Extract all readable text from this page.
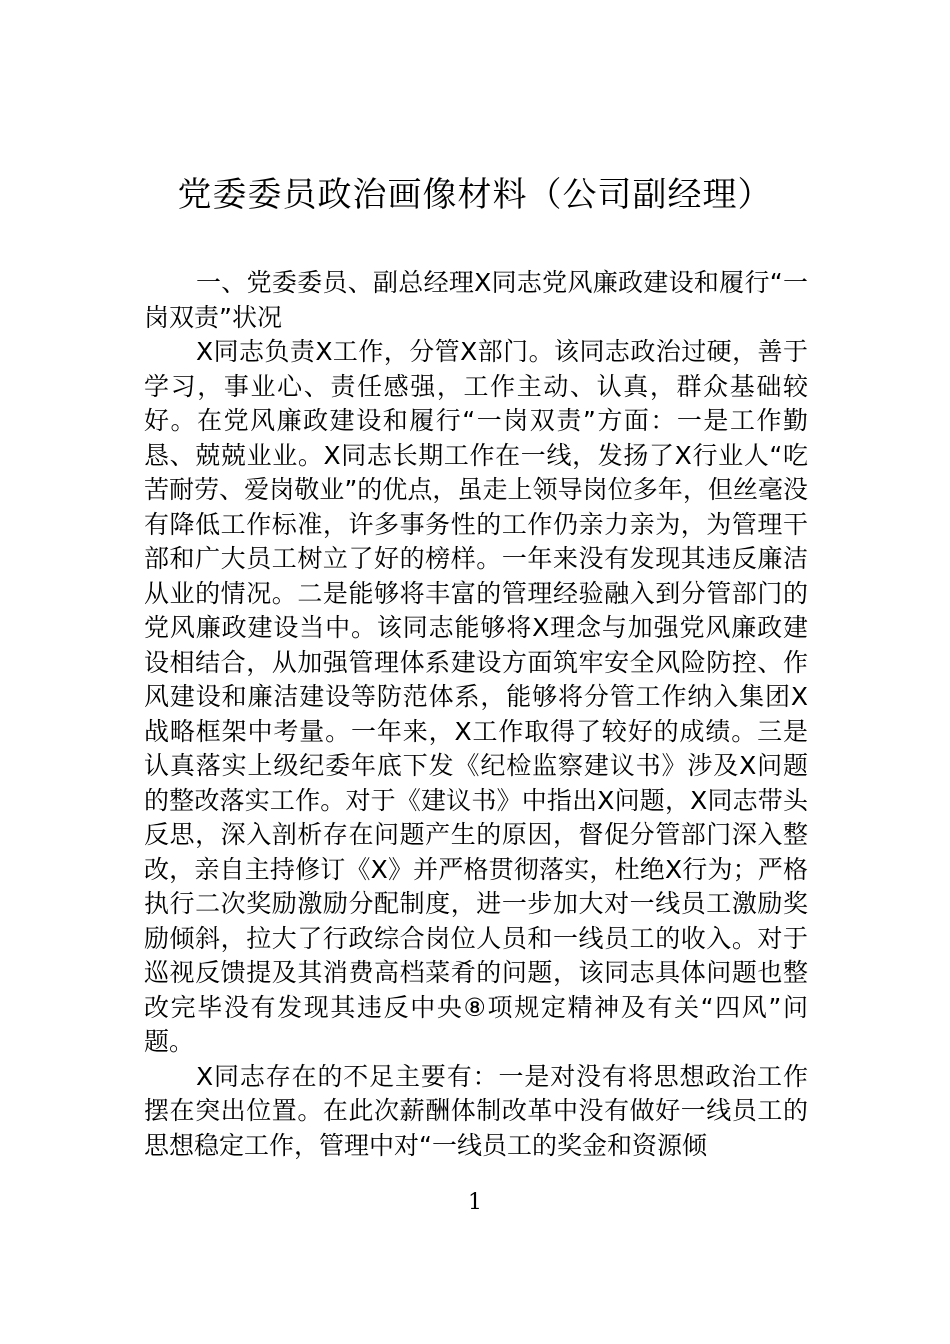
党委委员政治画像材料（公司副经理）

一、党委委员、副总经理X同志党风廉政建设和履行“一岗双责”状况

X同志负责X工作，分管X部门。该同志政治过硬，善于学习，事业心、责任感强，工作主动、认真，群众基础较好。在党风廉政建设和履行“一岗双责”方面：一是工作勤恳、兢兢业业。X同志长期工作在一线，发扬了X行业人“吃苦耐劳、爱岗敬业”的优点，虽走上领导岗位多年，但丝毫没有降低工作标准，许多事务性的工作仍亲力亲为，为管理干部和广大员工树立了好的榜样。一年来没有发现其违反廉洁从业的情况。二是能够将丰富的管理经验融入到分管部门的党风廉政建设当中。该同志能够将X理念与加强党风廉政建设相结合，从加强管理体系建设方面筑牢安全风险防控、作风建设和廉洁建设等防范体系，能够将分管工作纳入集团X战略框架中考量。一年来，X工作取得了较好的成绩。三是认真落实上级纪委年底下发《纪检监察建议书》涉及X问题的整改落实工作。对于《建议书》中指出X问题，X同志带头反思，深入剖析存在问题产生的原因，督促分管部门深入整改，亲自主持修订《X》并严格贯彻落实，杜绝X行为；严格执行二次奖励激励分配制度，进一步加大对一线员工激励奖励倾斜，拉大了行政综合岗位人员和一线员工的收入。对于巡视反馈提及其消费高档菜肴的问题，该同志具体问题也整改完毕没有发现其违反中央⑧项规定精神及有关“四风”问题。

X同志存在的不足主要有：一是对没有将思想政治工作摆在突出位置。在此次薪酬体制改革中没有做好一线员工的思想稳定工作，管理中对“一线员工的奖金和资源倾

1
